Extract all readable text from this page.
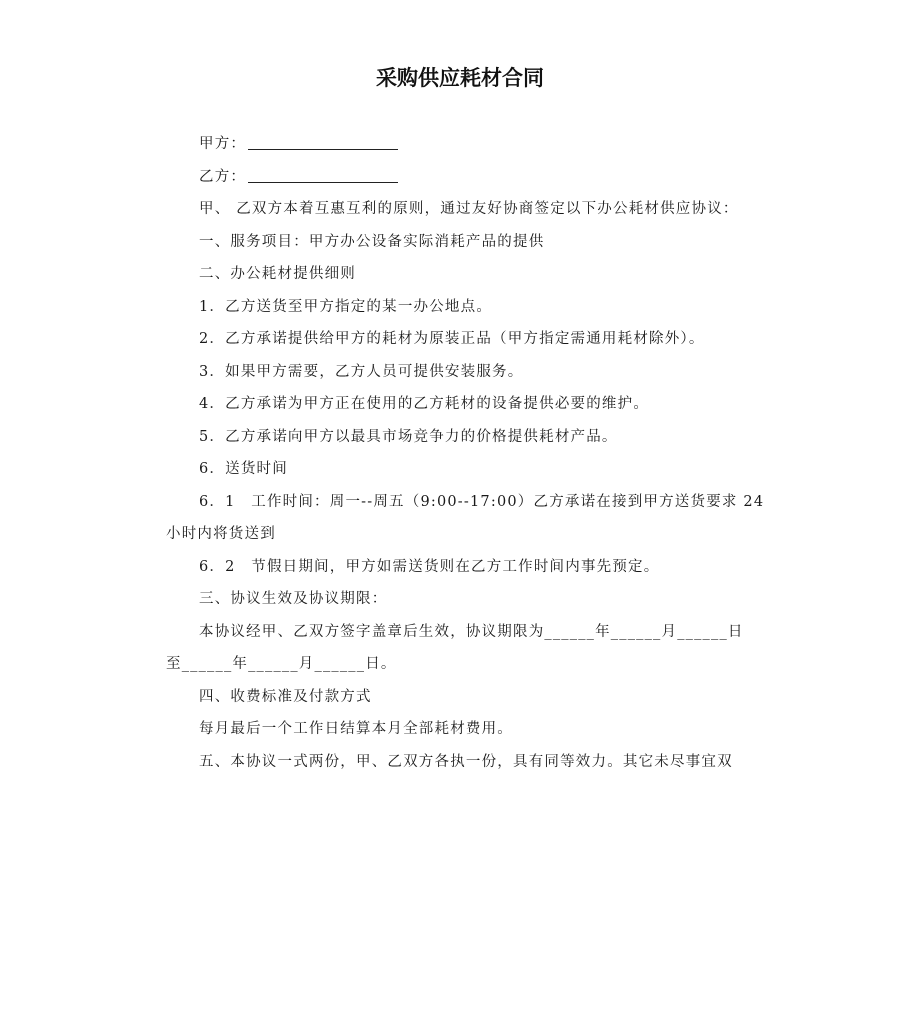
采购供应耗材合同
甲方：
乙方：
甲、 乙双方本着互惠互利的原则，通过友好协商签定以下办公耗材供应协议：
一、服务项目：甲方办公设备实际消耗产品的提供
二、办公耗材提供细则
1．乙方送货至甲方指定的某一办公地点。
2．乙方承诺提供给甲方的耗材为原装正品（甲方指定需通用耗材除外）。
3．如果甲方需要，乙方人员可提供安装服务。
4．乙方承诺为甲方正在使用的乙方耗材的设备提供必要的维护。
5．乙方承诺向甲方以最具市场竞争力的价格提供耗材产品。
6．送货时间
6．1　工作时间：周一--周五（9:00--17:00）乙方承诺在接到甲方送货要求 24
小时内将货送到
6．2　节假日期间，甲方如需送货则在乙方工作时间内事先预定。
三、协议生效及协议期限：
本协议经甲、乙双方签字盖章后生效，协议期限为______年______月______日
至______年______月______日。
四、收费标准及付款方式
每月最后一个工作日结算本月全部耗材费用。
五、本协议一式两份，甲、乙双方各执一份，具有同等效力。其它未尽事宜双
